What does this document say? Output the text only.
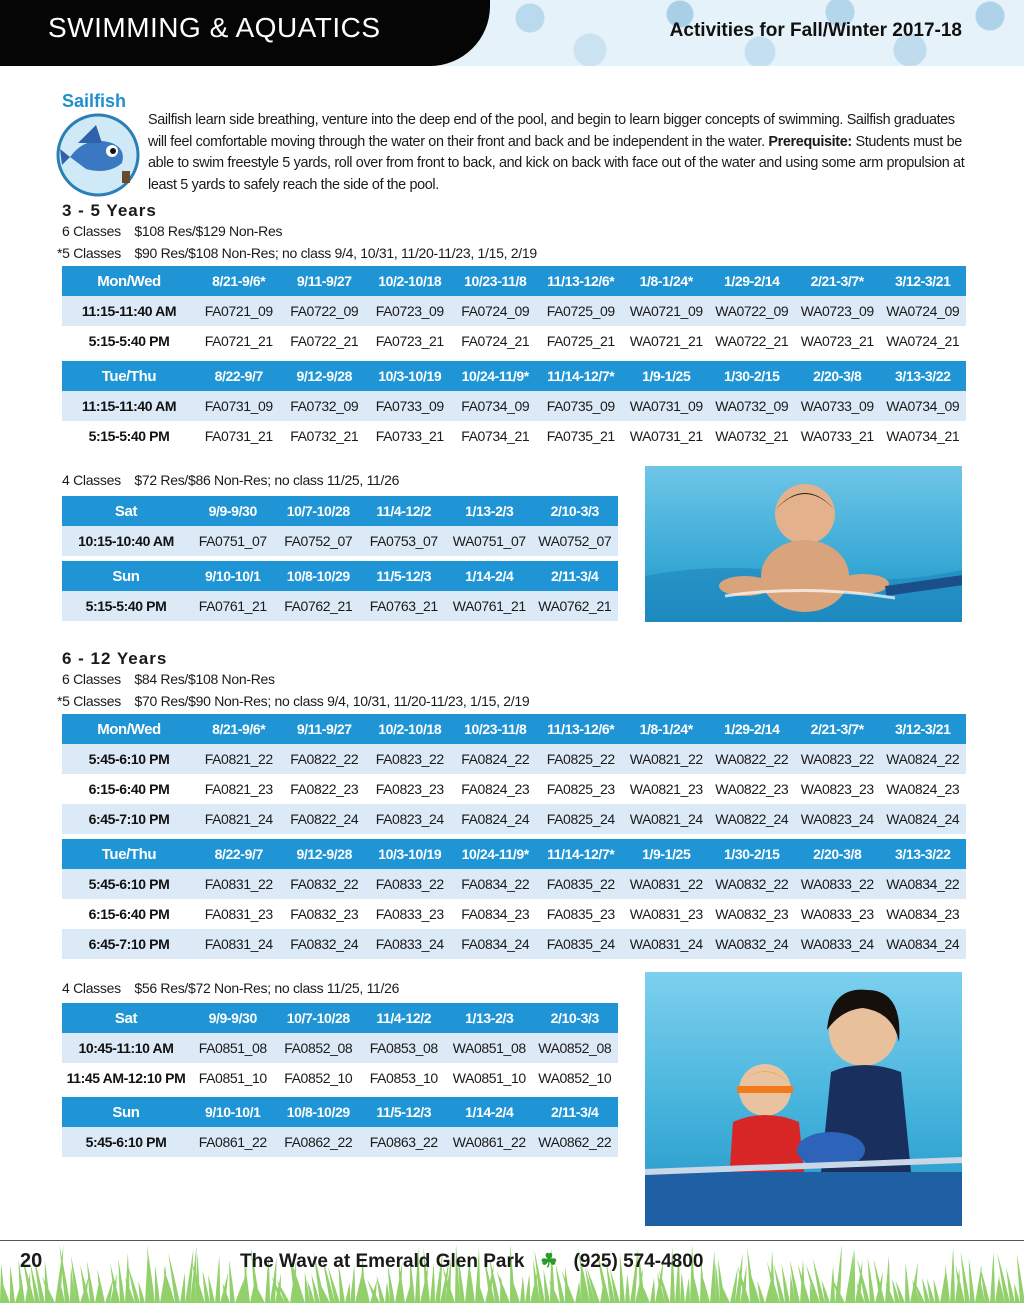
SWIMMING & AQUATICS	Activities for Fall/Winter 2017-18
Sailfish
Sailfish learn side breathing, venture into the deep end of the pool, and begin to learn bigger concepts of swimming. Sailfish graduates will feel comfortable moving through the water on their front and back and be independent in the water. Prerequisite: Students must be able to swim freestyle 5 yards, roll over from front to back, and kick on back with face out of the water and using some arm propulsion at least 5 yards to safely reach the side of the pool.
3 - 5 Years
6 Classes $108 Res/$129 Non-Res
*5 Classes $90 Res/$108 Non-Res; no class 9/4, 10/31, 11/20-11/23, 1/15, 2/19
Mon/Wed	8/21-9/6*	9/11-9/27	10/2-10/18	10/23-11/8	11/13-12/6*	1/8-1/24*	1/29-2/14	2/21-3/7*	3/12-3/21
11:15-11:40 AM	FA0721_09	FA0722_09	FA0723_09	FA0724_09	FA0725_09	WA0721_09	WA0722_09	WA0723_09	WA0724_09
5:15-5:40 PM	FA0721_21	FA0722_21	FA0723_21	FA0724_21	FA0725_21	WA0721_21	WA0722_21	WA0723_21	WA0724_21
Tue/Thu	8/22-9/7	9/12-9/28	10/3-10/19	10/24-11/9*	11/14-12/7*	1/9-1/25	1/30-2/15	2/20-3/8	3/13-3/22
11:15-11:40 AM	FA0731_09	FA0732_09	FA0733_09	FA0734_09	FA0735_09	WA0731_09	WA0732_09	WA0733_09	WA0734_09
5:15-5:40 PM	FA0731_21	FA0732_21	FA0733_21	FA0734_21	FA0735_21	WA0731_21	WA0732_21	WA0733_21	WA0734_21
4 Classes $72 Res/$86 Non-Res; no class 11/25, 11/26
Sat	9/9-9/30	10/7-10/28	11/4-12/2	1/13-2/3	2/10-3/3
10:15-10:40 AM	FA0751_07	FA0752_07	FA0753_07	WA0751_07	WA0752_07
Sun	9/10-10/1	10/8-10/29	11/5-12/3	1/14-2/4	2/11-3/4
5:15-5:40 PM	FA0761_21	FA0762_21	FA0763_21	WA0761_21	WA0762_21
6 - 12 Years
6 Classes $84 Res/$108 Non-Res
*5 Classes $70 Res/$90 Non-Res; no class 9/4, 10/31, 11/20-11/23, 1/15, 2/19
Mon/Wed	8/21-9/6*	9/11-9/27	10/2-10/18	10/23-11/8	11/13-12/6*	1/8-1/24*	1/29-2/14	2/21-3/7*	3/12-3/21
5:45-6:10 PM	FA0821_22	FA0822_22	FA0823_22	FA0824_22	FA0825_22	WA0821_22	WA0822_22	WA0823_22	WA0824_22
6:15-6:40 PM	FA0821_23	FA0822_23	FA0823_23	FA0824_23	FA0825_23	WA0821_23	WA0822_23	WA0823_23	WA0824_23
6:45-7:10 PM	FA0821_24	FA0822_24	FA0823_24	FA0824_24	FA0825_24	WA0821_24	WA0822_24	WA0823_24	WA0824_24
Tue/Thu	8/22-9/7	9/12-9/28	10/3-10/19	10/24-11/9*	11/14-12/7*	1/9-1/25	1/30-2/15	2/20-3/8	3/13-3/22
5:45-6:10 PM	FA0831_22	FA0832_22	FA0833_22	FA0834_22	FA0835_22	WA0831_22	WA0832_22	WA0833_22	WA0834_22
6:15-6:40 PM	FA0831_23	FA0832_23	FA0833_23	FA0834_23	FA0835_23	WA0831_23	WA0832_23	WA0833_23	WA0834_23
6:45-7:10 PM	FA0831_24	FA0832_24	FA0833_24	FA0834_24	FA0835_24	WA0831_24	WA0832_24	WA0833_24	WA0834_24
4 Classes $56 Res/$72 Non-Res; no class 11/25, 11/26
Sat	9/9-9/30	10/7-10/28	11/4-12/2	1/13-2/3	2/10-3/3
10:45-11:10 AM	FA0851_08	FA0852_08	FA0853_08	WA0851_08	WA0852_08
11:45 AM-12:10 PM	FA0851_10	FA0852_10	FA0853_10	WA0851_10	WA0852_10
Sun	9/10-10/1	10/8-10/29	11/5-12/3	1/14-2/4	2/11-3/4
5:45-6:10 PM	FA0861_22	FA0862_22	FA0863_22	WA0861_22	WA0862_22
20	The Wave at Emerald Glen Park ☘ (925) 574-4800
